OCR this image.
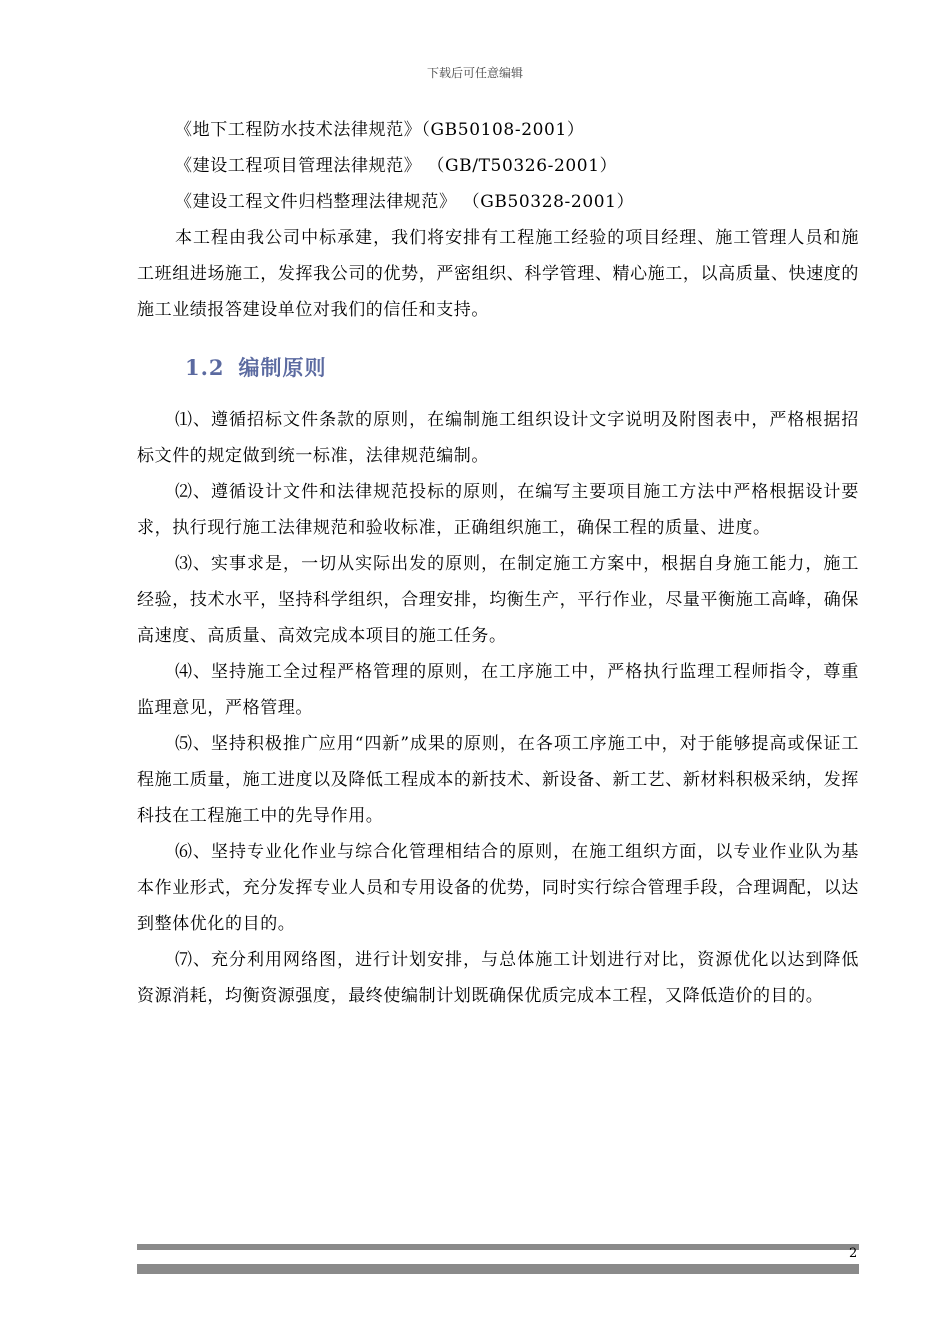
下载后可任意编辑

《地下工程防水技术法律规范》（GB50108-2001）

《建设工程项目管理法律规范》 （GB/T50326-2001）

《建设工程文件归档整理法律规范》 （GB50328-2001）

本工程由我公司中标承建，我们将安排有工程施工经验的项目经理、施工管理人员和施工班组进场施工，发挥我公司的优势，严密组织、科学管理、精心施工，以高质量、快速度的施工业绩报答建设单位对我们的信任和支持。

1.2 编制原则

⑴、遵循招标文件条款的原则，在编制施工组织设计文字说明及附图表中，严格根据招标文件的规定做到统一标准，法律规范编制。

⑵、遵循设计文件和法律规范投标的原则，在编写主要项目施工方法中严格根据设计要求，执行现行施工法律规范和验收标准，正确组织施工，确保工程的质量、进度。

⑶、实事求是，一切从实际出发的原则，在制定施工方案中，根据自身施工能力，施工经验，技术水平，坚持科学组织，合理安排，均衡生产，平行作业，尽量平衡施工高峰，确保高速度、高质量、高效完成本项目的施工任务。

⑷、坚持施工全过程严格管理的原则，在工序施工中，严格执行监理工程师指令，尊重监理意见，严格管理。

⑸、坚持积极推广应用“四新”成果的原则，在各项工序施工中，对于能够提高或保证工程施工质量，施工进度以及降低工程成本的新技术、新设备、新工艺、新材料积极采纳，发挥科技在工程施工中的先导作用。

⑹、坚持专业化作业与综合化管理相结合的原则，在施工组织方面，以专业作业队为基本作业形式，充分发挥专业人员和专用设备的优势，同时实行综合管理手段，合理调配，以达到整体优化的目的。

⑺、充分利用网络图，进行计划安排，与总体施工计划进行对比，资源优化以达到降低资源消耗，均衡资源强度，最终使编制计划既确保优质完成本工程，又降低造价的目的。

2
